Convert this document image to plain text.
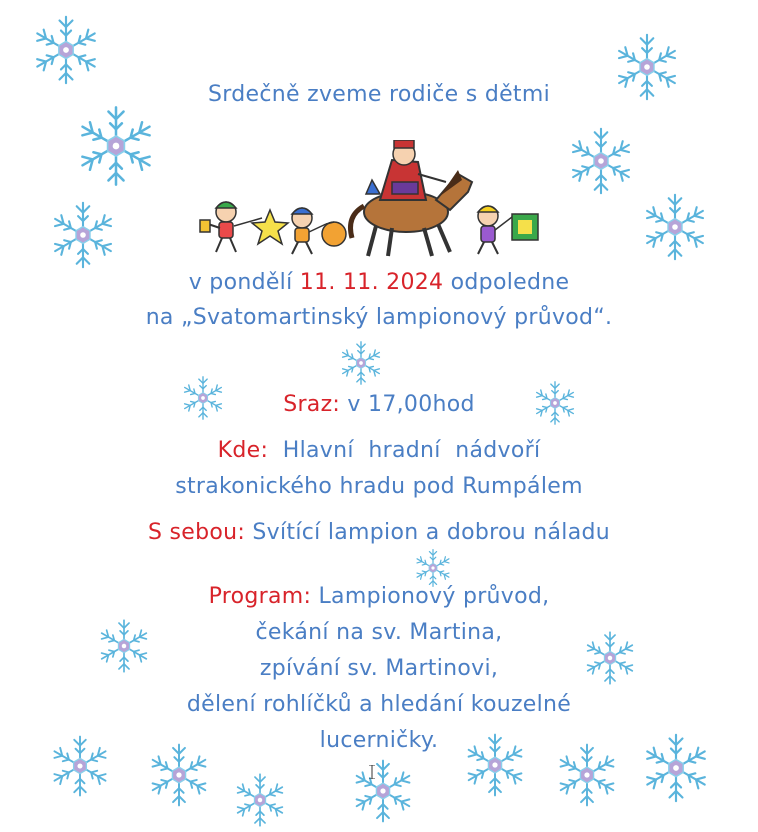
Srdečně zveme rodiče s dětmi
v pondělí 11. 11. 2024 odpoledne
na „Svatomartinský lampionový průvod“.
Sraz: v 17,00hod
Kde:  Hlavní  hradní  nádvoří
strakonického hradu pod Rumpálem
S sebou: Svítící lampion a dobrou náladu
Program: Lampionový průvod,
čekání na sv. Martina,
zpívání sv. Martinovi,
dělení rohlíčků a hledání kouzelné
lucerničky.
